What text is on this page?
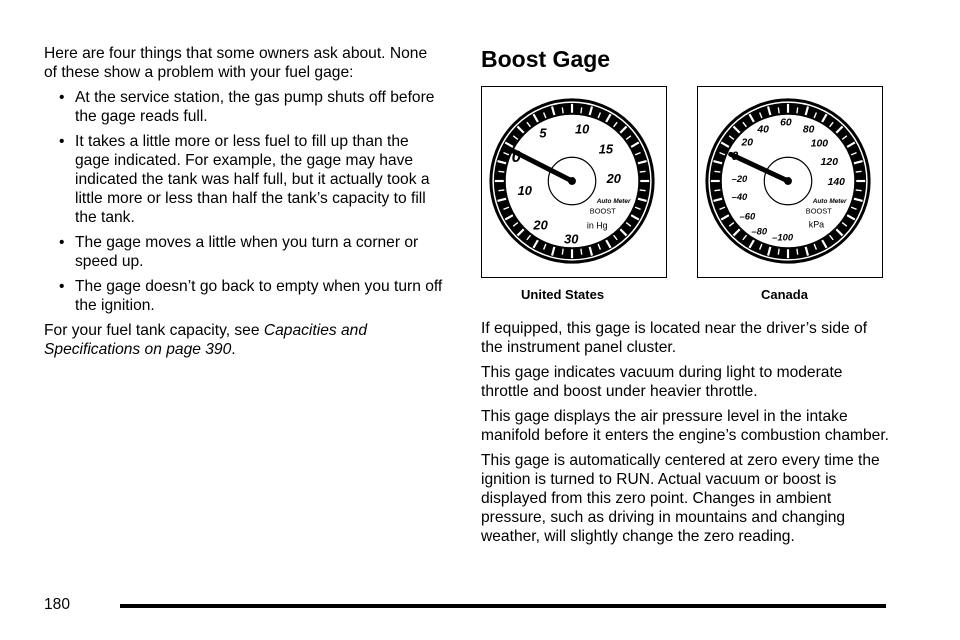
Here are four things that some owners ask about. None of these show a problem with your fuel gage:

• At the service station, the gas pump shuts off before the gage reads full.
• It takes a little more or less fuel to fill up than the gage indicated. For example, the gage may have indicated the tank was half full, but it actually took a little more or less than half the tank’s capacity to fill the tank.
• The gage moves a little when you turn a corner or speed up.
• The gage doesn’t go back to empty when you turn off the ignition.

For your fuel tank capacity, see Capacities and Specifications on page 390.

Boost Gage
0
5 10
15
20
10
20
30
Auto Meter
BOOST
in Hg
United States
0
20
40
60
80
100
120
140
–20
–40
–60
–80
–100
Auto Meter
BOOST
kPa
Canada

If equipped, this gage is located near the driver’s side of the instrument panel cluster.

This gage indicates vacuum during light to moderate throttle and boost under heavier throttle.

This gage displays the air pressure level in the intake manifold before it enters the engine’s combustion chamber.

This gage is automatically centered at zero every time the ignition is turned to RUN. Actual vacuum or boost is displayed from this zero point. Changes in ambient pressure, such as driving in mountains and changing weather, will slightly change the zero reading.

180
